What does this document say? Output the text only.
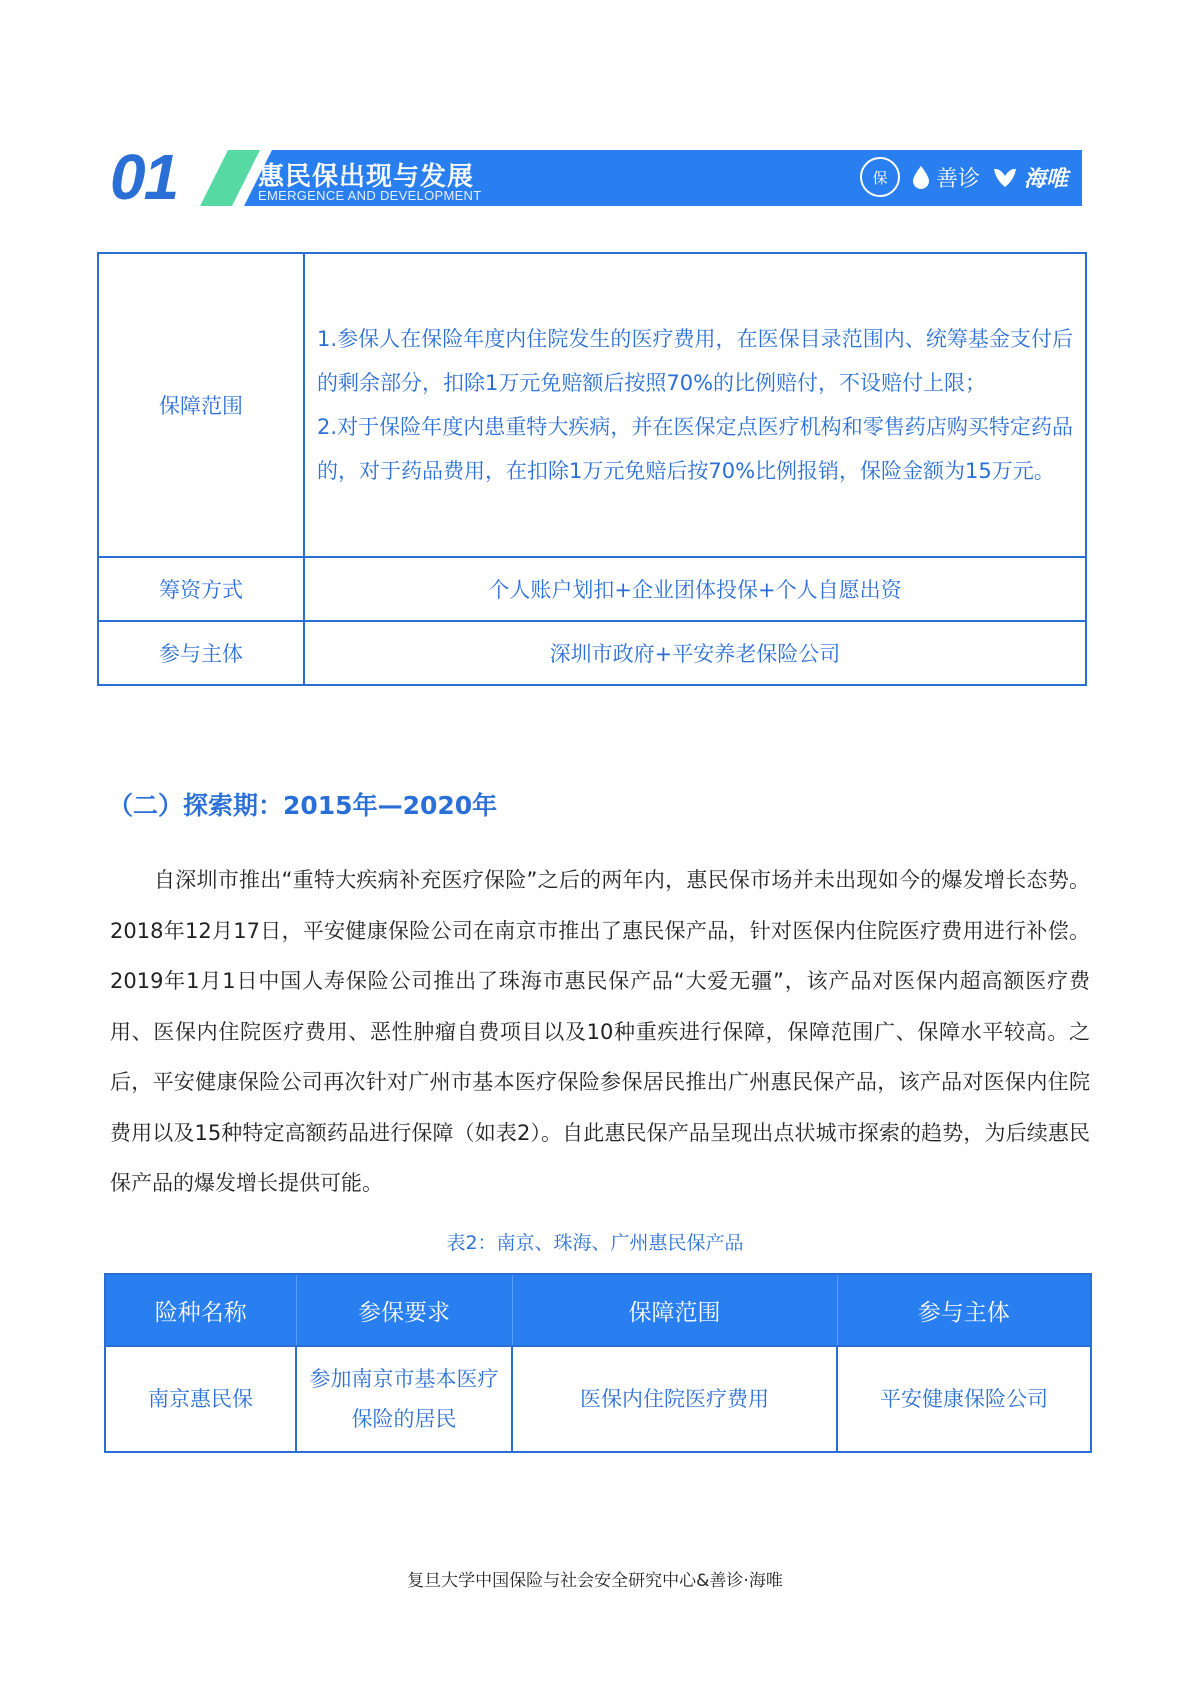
01	惠民保出现与发展
EMERGENCE AND DEVELOPMENT
保 善诊 海唯
保障范围	1.参保人在保险年度内住院发生的医疗费用，在医保目录范围内、统筹基金支付后的剩余部分，扣除1万元免赔额后按照70%的比例赔付，不设赔付上限；
2.对于保险年度内患重特大疾病，并在医保定点医疗机构和零售药店购买特定药品的，对于药品费用，在扣除1万元免赔后按70%比例报销，保险金额为15万元。

筹资方式	个人账户划扣+企业团体投保+个人自愿出资
参与主体	深圳市政府+平安养老保险公司
（二）探索期：2015年—2020年

自深圳市推出“重特大疾病补充医疗保险”之后的两年内，惠民保市场并未出现如今的爆发增长态势。2018年12月17日，平安健康保险公司在南京市推出了惠民保产品，针对医保内住院医疗费用进行补偿。2019年1月1日中国人寿保险公司推出了珠海市惠民保产品“大爱无疆”，该产品对医保内超高额医疗费用、医保内住院医疗费用、恶性肿瘤自费项目以及10种重疾进行保障，保障范围广、保障水平较高。之后，平安健康保险公司再次针对广州市基本医疗保险参保居民推出广州惠民保产品，该产品对医保内住院费用以及15种特定高额药品进行保障（如表2）。自此惠民保产品呈现出点状城市探索的趋势，为后续惠民保产品的爆发增长提供可能。

表2：南京、珠海、广州惠民保产品
险种名称	参保要求	保障范围	参与主体
南京惠民保	参加南京市基本医疗保险的居民	医保内住院医疗费用	平安健康保险公司
复旦大学中国保险与社会安全研究中心&善诊·海唯
